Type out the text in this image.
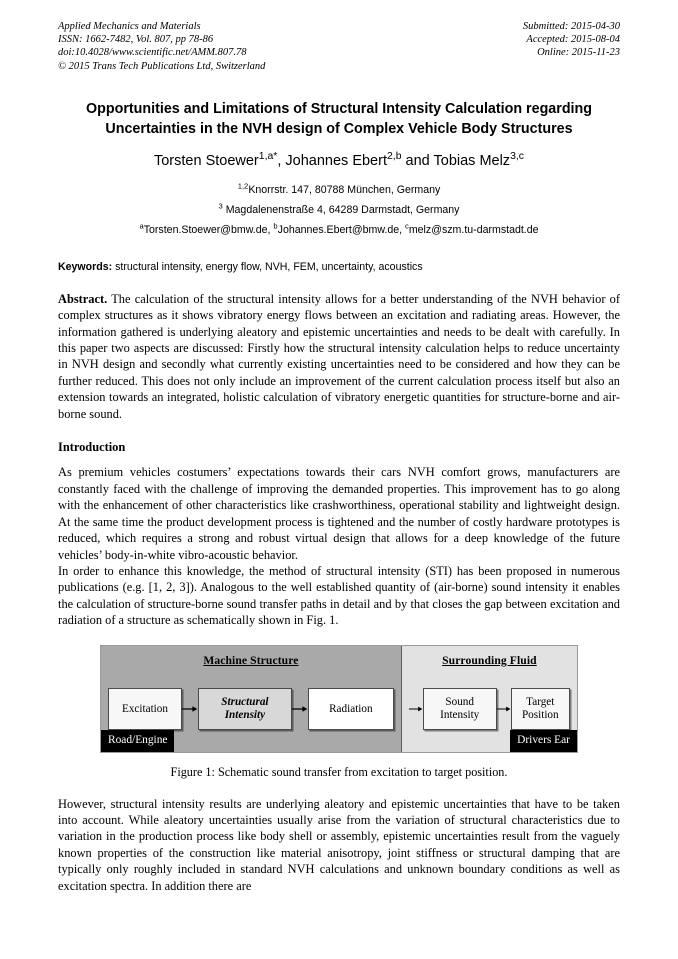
Applied Mechanics and Materials
ISSN: 1662-7482, Vol. 807, pp 78-86
doi:10.4028/www.scientific.net/AMM.807.78
© 2015 Trans Tech Publications Ltd, Switzerland
Submitted: 2015-04-30
Accepted: 2015-08-04
Online: 2015-11-23
Opportunities and Limitations of Structural Intensity Calculation regarding Uncertainties in the NVH design of Complex Vehicle Body Structures
Torsten Stoewer$^{1,a*}$, Johannes Ebert$^{2,b}$ and Tobias Melz$^{3,c}$
$^{1,2}$Knorrstr. 147, 80788 München, Germany
$^3$ Magdalenenstraße 4, 64289 Darmstadt, Germany
$^a$Torsten.Stoewer@bmw.de, $^b$Johannes.Ebert@bmw.de, $^c$melz@szm.tu-darmstadt.de
Keywords: structural intensity, energy flow, NVH, FEM, uncertainty, acoustics

Abstract. The calculation of the structural intensity allows for a better understanding of the NVH behavior of complex structures as it shows vibratory energy flows between an excitation and radiating areas. However, the information gathered is underlying aleatory and epistemic uncertainties and needs to be dealt with carefully. In this paper two aspects are discussed: Firstly how the structural intensity calculation helps to reduce uncertainty in NVH design and secondly what currently existing uncertainties need to be considered and how they can be further reduced. This does not only include an improvement of the current calculation process itself but also an extension towards an integrated, holistic calculation of vibratory energetic quantities for structure-borne and air-borne sound.

Introduction

As premium vehicles costumers’ expectations towards their cars NVH comfort grows, manufacturers are constantly faced with the challenge of improving the demanded properties. This improvement has to go along with the enhancement of other characteristics like crashworthiness, operational stability and lightweight design. At the same time the product development process is tightened and the number of costly hardware prototypes is reduced, which requires a strong and robust virtual design that allows for a deep knowledge of the future vehicles’ body-in-white vibro-acoustic behavior.

In order to enhance this knowledge, the method of structural intensity (STI) has been proposed in numerous publications (e.g. [1, 2, 3]). Analogous to the well established quantity of (air-borne) sound intensity it enables the calculation of structure-borne sound transfer paths in detail and by that closes the gap between excitation and radiation of a structure as schematically shown in Fig. 1.

Machine Structure
Excitation
Structural
Intensity
Radiation
Road/Engine
Surrounding Fluid
Sound
Intensity
Target
Position
Drivers Ear
Figure 1: Schematic sound transfer from excitation to target position.

However, structural intensity results are underlying aleatory and epistemic uncertainties that have to be taken into account. While aleatory uncertainties usually arise from the variation of structural characteristics due to variation in the production process like body shell or assembly, epistemic uncertainties result from the vaguely known properties of the construction like material anisotropy, joint stiffness or structural damping that are typically only roughly included in standard NVH calculations and unknown boundary conditions as well as excitation spectra. In addition there are
